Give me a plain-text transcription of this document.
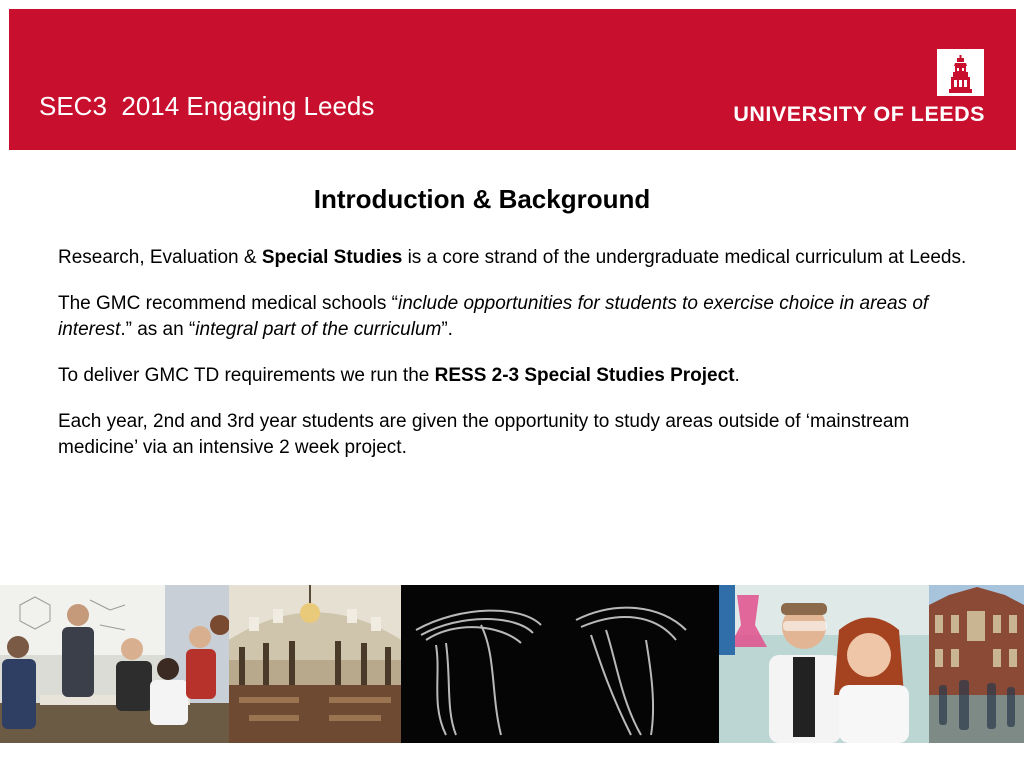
SEC3  2014 Engaging Leeds	UNIVERSITY OF LEEDS
Introduction & Background

Research, Evaluation & Special Studies is a core strand of the undergraduate medical curriculum at Leeds.

The GMC recommend medical schools “include opportunities for students to exercise choice in areas of interest.” as an “integral part of the curriculum”.

To deliver GMC TD requirements we run the RESS 2-3 Special Studies Project.

Each year, 2nd and 3rd year students are given the opportunity to study areas outside of ‘mainstream medicine’ via an intensive 2 week project.
